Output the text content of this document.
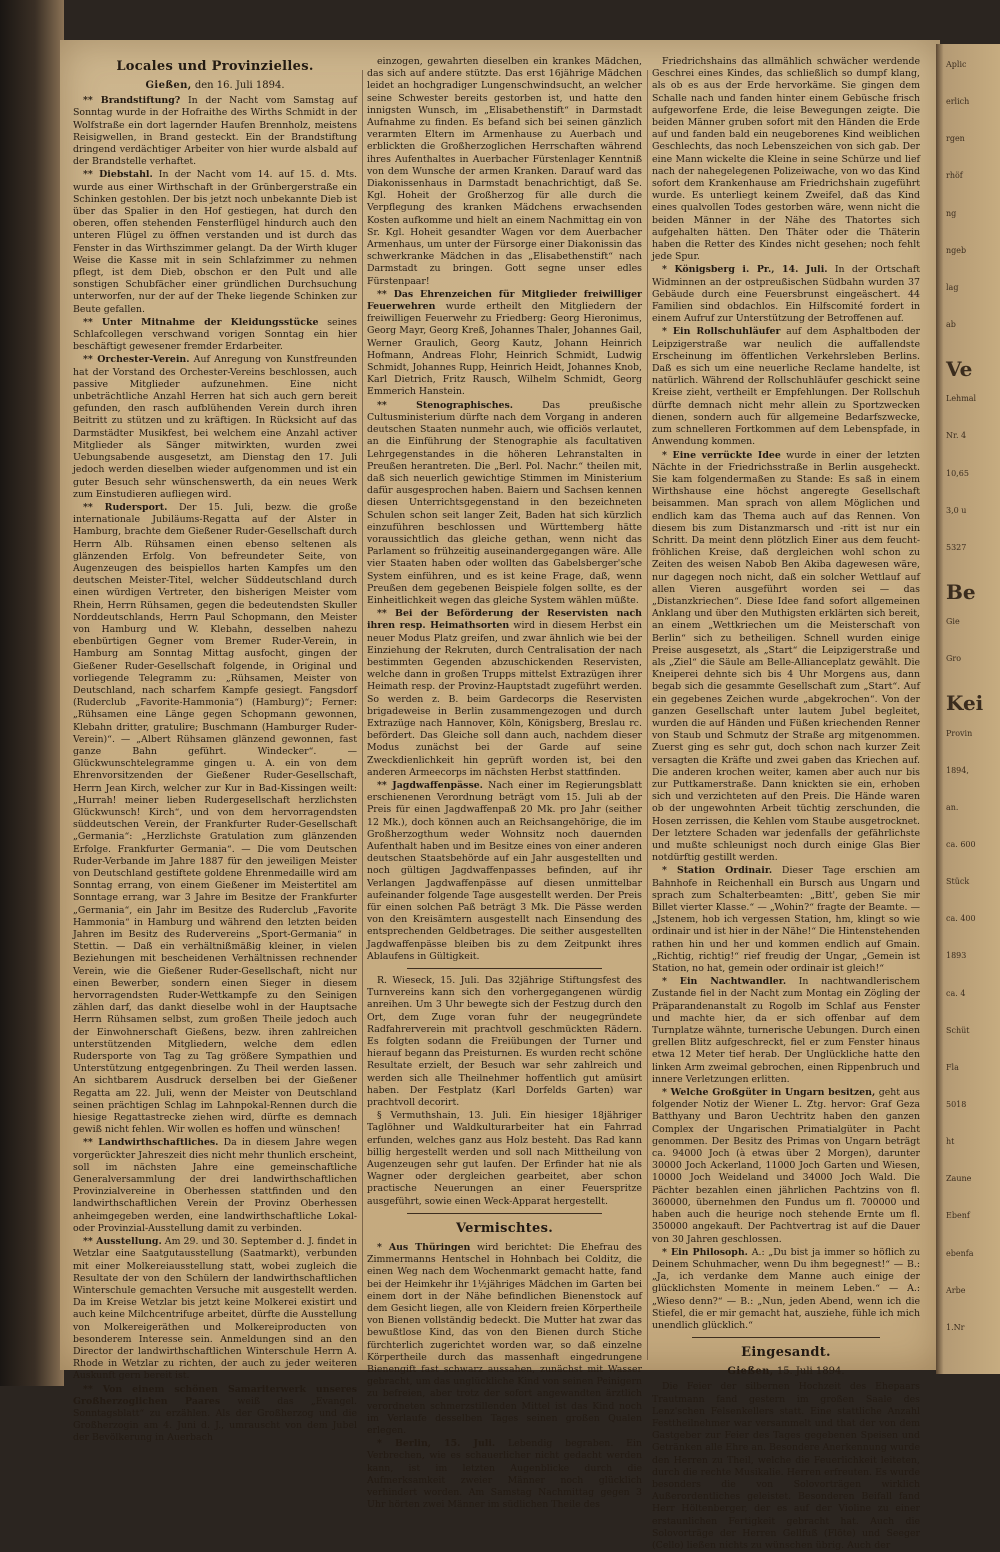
Locales und Provinzielles.

Gießen, den 16. Juli 1894.

** Brandstiftung? In der Nacht vom Samstag auf Sonntag wurde in der Hofraithe des Wirths Schmidt in der Wolfstraße ein dort lagernder Haufen Brennholz, meistens Reisigwellen, in Brand gesteckt. Ein der Brandstiftung dringend verdächtiger Arbeiter von hier wurde alsbald auf der Brandstelle verhaftet.

** Diebstahl. In der Nacht vom 14. auf 15. d. Mts. wurde aus einer Wirthschaft in der Grünbergerstraße ein Schinken gestohlen. Der bis jetzt noch unbekannte Dieb ist über das Spalier in den Hof gestiegen, hat durch den oberen, offen stehenden Fensterflügel hindurch auch den unteren Flügel zu öffnen verstanden und ist durch das Fenster in das Wirthszimmer gelangt. Da der Wirth kluger Weise die Kasse mit in sein Schlafzimmer zu nehmen pflegt, ist dem Dieb, obschon er den Pult und alle sonstigen Schubfächer einer gründlichen Durchsuchung unterworfen, nur der auf der Theke liegende Schinken zur Beute gefallen.

** Unter Mitnahme der Kleidungsstücke seines Schlafcollegen verschwand vorigen Sonntag ein hier beschäftigt gewesener fremder Erdarbeiter.

** Orchester-Verein. Auf Anregung von Kunstfreunden hat der Vorstand des Orchester-Vereins beschlossen, auch passive Mitglieder aufzunehmen. Eine nicht unbeträchtliche Anzahl Herren hat sich auch gern bereit gefunden, den rasch aufblühenden Verein durch ihren Beitritt zu stützen und zu kräftigen. In Rücksicht auf das Darmstädter Musikfest, bei welchem eine Anzahl activer Mitglieder als Sänger mitwirkten, wurden zwei Uebungsabende ausgesetzt, am Dienstag den 17. Juli jedoch werden dieselben wieder aufgenommen und ist ein guter Besuch sehr wünschenswerth, da ein neues Werk zum Einstudieren aufliegen wird.

** Rudersport. Der 15. Juli, bezw. die große internationale Jubiläums-Regatta auf der Alster in Hamburg, brachte dem Gießener Ruder-Gesellschaft durch Herrn Alb. Rühsamen einen ebenso seltenen als glänzenden Erfolg. Von befreundeter Seite, von Augenzeugen des beispiellos harten Kampfes um den deutschen Meister-Titel, welcher Süddeutschland durch einen würdigen Vertreter, den bisherigen Meister vom Rhein, Herrn Rühsamen, gegen die bedeutendsten Skuller Norddeutschlands, Herrn Paul Schopmann, den Meister von Hamburg und W. Klebahn, desselben nahezu ebenbürtigen Gegner vom Bremer Ruder-Verein, in Hamburg am Sonntag Mittag ausfocht, gingen der Gießener Ruder-Gesellschaft folgende, in Original und vorliegende Telegramm zu: „Rühsamen, Meister von Deutschland, nach scharfem Kampfe gesiegt. Fangsdorf (Ruderclub „Favorite-Hammonia“) (Hamburg)“; Ferner: „Rühsamen eine Länge gegen Schopmann gewonnen, Klebahn dritter, gratulire; Buschmann (Hamburger Ruder-Verein)“. — „Albert Rühsamen glänzend gewonnen, fast ganze Bahn geführt. Windecker“. — Glückwunschtelegramme gingen u. A. ein von dem Ehrenvorsitzenden der Gießener Ruder-Gesellschaft, Herrn Jean Kirch, welcher zur Kur in Bad-Kissingen weilt: „Hurrah! meiner lieben Rudergesellschaft herzlichsten Glückwunsch! Kirch“, und von dem hervorragendsten süddeutschen Verein, der Frankfurter Ruder-Gesellschaft „Germania“: „Herzlichste Gratulation zum glänzenden Erfolge. Frankfurter Germania“. — Die vom Deutschen Ruder-Verbande im Jahre 1887 für den jeweiligen Meister von Deutschland gestiftete goldene Ehrenmedaille wird am Sonntag errang, von einem Gießener im Meistertitel am Sonntage errang, war 3 Jahre im Besitze der Frankfurter „Germania“, ein Jahr im Besitze des Ruderclub „Favorite Hammonia“ in Hamburg und während den letzten beiden Jahren im Besitz des Rudervereins „Sport-Germania“ in Stettin. — Daß ein verhältnißmäßig kleiner, in vielen Beziehungen mit bescheidenen Verhältnissen rechnender Verein, wie die Gießener Ruder-Gesellschaft, nicht nur einen Bewerber, sondern einen Sieger in diesem hervorragendsten Ruder-Wettkampfe zu den Seinigen zählen darf, das dankt dieselbe wohl in der Hauptsache Herrn Rühsamen selbst, zum großen Theile jedoch auch der Einwohnerschaft Gießens, bezw. ihren zahlreichen unterstützenden Mitgliedern, welche dem edlen Rudersporte von Tag zu Tag größere Sympathien und Unterstützung entgegenbringen. Zu Theil werden lassen. An sichtbarem Ausdruck derselben bei der Gießener Regatta am 22. Juli, wenn der Meister von Deutschland seinen prächtigen Schlag im Lahnpokal-Rennen durch die hiesige Regattastrecke ziehen wird, dürfte es demnach gewiß nicht fehlen. Wir wollen es hoffen und wünschen!

** Landwirthschaftliches. Da in diesem Jahre wegen vorgerückter Jahreszeit dies nicht mehr thunlich erscheint, soll im nächsten Jahre eine gemeinschaftliche Generalversammlung der drei landwirthschaftlichen Provinzialvereine in Oberhessen stattfinden und den landwirthschaftlichen Verein der Provinz Oberhessen anheimgegeben werden, eine landwirthschaftliche Lokal- oder Provinzial-Ausstellung damit zu verbinden.

** Ausstellung. Am 29. und 30. September d. J. findet in Wetzlar eine Saatgutausstellung (Saatmarkt), verbunden mit einer Molkereiausstellung statt, wobei zugleich die Resultate der von den Schülern der landwirthschaftlichen Winterschule gemachten Versuche mit ausgestellt werden. Da im Kreise Wetzlar bis jetzt keine Molkerei existirt und auch keine Milchcentrifuge arbeitet, dürfte die Ausstellung von Molkereigeräthen und Molkereiproducten von besonderem Interesse sein. Anmeldungen sind an den Director der landwirthschaftlichen Winterschule Herrn A. Rhode in Wetzlar zu richten, der auch zu jeder weiteren Auskunft gern bereit ist.

** Von einem schönen Samariterwerk unseres Großherzoglichen Paares weiß das „Evangel. Sonntagsblatt“ zu erzählen. Als der Großherzog und die Großherzogin am 4. Juni d. J., umrauscht von dem Jubel der Bevölkerung in Auerbach

einzogen, gewahrten dieselben ein krankes Mädchen, das sich auf andere stützte. Das erst 16jährige Mädchen leidet an hochgradiger Lungenschwindsucht, an welcher seine Schwester bereits gestorben ist, und hatte den innigsten Wunsch, im „Elisabethenstift“ in Darmstadt Aufnahme zu finden. Es befand sich bei seinen gänzlich verarmten Eltern im Armenhause zu Auerbach und erblickten die Großherzoglichen Herrschaften während ihres Aufenthaltes in Auerbacher Fürstenlager Kenntniß von dem Wunsche der armen Kranken. Darauf ward das Diakonissenhaus in Darmstadt benachrichtigt, daß Se. Kgl. Hoheit der Großherzog für alle durch die Verpflegung des kranken Mädchens erwachsenden Kosten aufkomme und hielt an einem Nachmittag ein von Sr. Kgl. Hoheit gesandter Wagen vor dem Auerbacher Armenhaus, um unter der Fürsorge einer Diakonissin das schwerkranke Mädchen in das „Elisabethenstift“ nach Darmstadt zu bringen. Gott segne unser edles Fürstenpaar!

** Das Ehrenzeichen für Mitglieder freiwilliger Feuerwehren wurde ertheilt den Mitgliedern der freiwilligen Feuerwehr zu Friedberg: Georg Hieronimus, Georg Mayr, Georg Kreß, Johannes Thaler, Johannes Gail, Werner Graulich, Georg Kautz, Johann Heinrich Hofmann, Andreas Flohr, Heinrich Schmidt, Ludwig Schmidt, Johannes Rupp, Heinrich Heidt, Johannes Knob, Karl Dietrich, Fritz Rausch, Wilhelm Schmidt, Georg Emmerich Hanstein.

** Stenographisches. Das preußische Cultusministerium dürfte nach dem Vorgang in anderen deutschen Staaten nunmehr auch, wie officiös verlautet, an die Einführung der Stenographie als facultativen Lehrgegenstandes in die höheren Lehranstalten in Preußen herantreten. Die „Berl. Pol. Nachr.“ theilen mit, daß sich neuerlich gewichtige Stimmen im Ministerium dafür ausgesprochen haben. Baiern und Sachsen kennen diesen Unterrichtsgegenstand in den bezeichneten Schulen schon seit langer Zeit, Baden hat sich kürzlich einzuführen beschlossen und Württemberg hätte voraussichtlich das gleiche gethan, wenn nicht das Parlament so frühzeitig auseinandergegangen wäre. Alle vier Staaten haben oder wollten das Gabelsberger'sche System einführen, und es ist keine Frage, daß, wenn Preußen dem gegebenen Beispiele folgen sollte, es der Einheitlichkeit wegen das gleiche System wählen müßte.

** Bei der Beförderung der Reservisten nach ihren resp. Heimathsorten wird in diesem Herbst ein neuer Modus Platz greifen, und zwar ähnlich wie bei der Einziehung der Rekruten, durch Centralisation der nach bestimmten Gegenden abzuschickenden Reservisten, welche dann in großen Trupps mittelst Extrazügen ihrer Heimath resp. der Provinz-Hauptstadt zugeführt werden. So werden z. B. beim Gardecorps die Reservisten brigadeweise in Berlin zusammengezogen und durch Extrazüge nach Hannover, Köln, Königsberg, Breslau rc. befördert. Das Gleiche soll dann auch, nachdem dieser Modus zunächst bei der Garde auf seine Zweckdienlichkeit hin geprüft worden ist, bei den anderen Armeecorps im nächsten Herbst stattfinden.

** Jagdwaffenpässe. Nach einer im Regierungsblatt erschienenen Verordnung beträgt vom 15. Juli ab der Preis für einen Jagdwaffenpaß 20 Mk. pro Jahr (seither 12 Mk.), doch können auch an Reichsangehörige, die im Großherzogthum weder Wohnsitz noch dauernden Aufenthalt haben und im Besitze eines von einer anderen deutschen Staatsbehörde auf ein Jahr ausgestellten und noch gültigen Jagdwaffenpasses befinden, auf ihr Verlangen Jagdwaffenpässe auf diesen unmittelbar aufeinander folgende Tage ausgestellt werden. Der Preis für einen solchen Paß beträgt 3 Mk. Die Pässe werden von den Kreisämtern ausgestellt nach Einsendung des entsprechenden Geldbetrages. Die seither ausgestellten Jagdwaffenpässe bleiben bis zu dem Zeitpunkt ihres Ablaufens in Gültigkeit.

R. Wieseck, 15. Juli. Das 32jährige Stiftungsfest des Turnvereins kann sich den vorhergegangenen würdig anreihen. Um 3 Uhr bewegte sich der Festzug durch den Ort, dem Zuge voran fuhr der neugegründete Radfahrerverein mit prachtvoll geschmückten Rädern. Es folgten sodann die Freiübungen der Turner und hierauf begann das Preisturnen. Es wurden recht schöne Resultate erzielt, der Besuch war sehr zahlreich und werden sich alle Theilnehmer hoffentlich gut amüsirt haben. Der Festplatz (Karl Dorfelds Garten) war prachtvoll decorirt.

§ Vermuthshain, 13. Juli. Ein hiesiger 18jähriger Taglöhner und Waldkulturarbeiter hat ein Fahrrad erfunden, welches ganz aus Holz besteht. Das Rad kann billig hergestellt werden und soll nach Mittheilung von Augenzeugen sehr gut laufen. Der Erfinder hat nie als Wagner oder dergleichen gearbeitet, aber schon practische Neuerungen an einer Feuerspritze ausgeführt, sowie einen Weck-Apparat hergestellt.

Vermischtes.

* Aus Thüringen wird berichtet: Die Ehefrau des Zimmermanns Hentschel in Hohnbach bei Colditz, die einen Weg nach dem Wochenmarkt gemacht hatte, fand bei der Heimkehr ihr 1½jähriges Mädchen im Garten bei einem dort in der Nähe befindlichen Bienenstock auf dem Gesicht liegen, alle von Kleidern freien Körpertheile von Bienen vollständig bedeckt. Die Mutter hat zwar das bewußtlose Kind, das von den Bienen durch Stiche fürchterlich zugerichtet worden war, so daß einzelne Körpertheile durch das massenhaft eingedrungene Bienengift fast schwarz aussahen, zunächst mit Wasser gebracht, um das unglückliche Kind von seinen Peinigern zu befreien, aber trotz der sofort angewandten ärztlich verordneten schmerzstillenden Mittel ist das Kind noch im Verlaufe desselben Tages seinen großen Qualen erlegen.

* Berlin, 15. Juli. Lebendig begraben. Ein Verbrechen, wie es schauerlicher nicht gedacht werden kann, ist im letzten Augenblicke durch die Aufmerksamkeit zweier Männer noch glücklich verhindert worden. Am Samstag Nachmittag gegen 3 Uhr hörten zwei Männer im südlichen Theile des

Friedrichshains das allmählich schwächer werdende Geschrei eines Kindes, das schließlich so dumpf klang, als ob es aus der Erde hervorkäme. Sie gingen dem Schalle nach und fanden hinter einem Gebüsche frisch aufgeworfene Erde, die leise Bewegungen zeigte. Die beiden Männer gruben sofort mit den Händen die Erde auf und fanden bald ein neugeborenes Kind weiblichen Geschlechts, das noch Lebenszeichen von sich gab. Der eine Mann wickelte die Kleine in seine Schürze und lief nach der nahegelegenen Polizeiwache, von wo das Kind sofort dem Krankenhause am Friedrichshain zugeführt wurde. Es unterliegt keinem Zweifel, daß das Kind eines qualvollen Todes gestorben wäre, wenn nicht die beiden Männer in der Nähe des Thatortes sich aufgehalten hätten. Den Thäter oder die Thäterin haben die Retter des Kindes nicht gesehen; noch fehlt jede Spur.

* Königsberg i. Pr., 14. Juli. In der Ortschaft Widminnen an der ostpreußischen Südbahn wurden 37 Gebäude durch eine Feuersbrunst eingeäschert. 44 Familien sind obdachlos. Ein Hilfscomité fordert in einem Aufruf zur Unterstützung der Betroffenen auf.

* Ein Rollschuhläufer auf dem Asphaltboden der Leipzigerstraße war neulich die auffallendste Erscheinung im öffentlichen Verkehrsleben Berlins. Daß es sich um eine neuerliche Reclame handelte, ist natürlich. Während der Rollschuhläufer geschickt seine Kreise zieht, vertheilt er Empfehlungen. Der Rollschuh dürfte demnach nicht mehr allein zu Sportzwecken dienen, sondern auch für allgemeine Bedarfszwecke, zum schnelleren Fortkommen auf dem Lebenspfade, in Anwendung kommen.

* Eine verrückte Idee wurde in einer der letzten Nächte in der Friedrichsstraße in Berlin ausgeheckt. Sie kam folgendermaßen zu Stande: Es saß in einem Wirthshause eine höchst angeregte Gesellschaft beisammen. Man sprach von allem Möglichen und endlich kam das Thema auch auf das Rennen. Von diesem bis zum Distanzmarsch und -ritt ist nur ein Schritt. Da meint denn plötzlich Einer aus dem feucht-fröhlichen Kreise, daß dergleichen wohl schon zu Zeiten des weisen Nabob Ben Akiba dagewesen wäre, nur dagegen noch nicht, daß ein solcher Wettlauf auf allen Vieren ausgeführt worden sei — das „Distanzkriechen“. Diese Idee fand sofort allgemeinen Anklang und über den Muthigsten erklärten sich bereit, an einem „Wettkriechen um die Meisterschaft von Berlin“ sich zu betheiligen. Schnell wurden einige Preise ausgesetzt, als „Start“ die Leipzigerstraße und als „Ziel“ die Säule am Belle-Allianceplatz gewählt. Die Kneiperei dehnte sich bis 4 Uhr Morgens aus, dann begab sich die gesammte Gesellschaft zum „Start“. Auf ein gegebenes Zeichen wurde „abgekrochen“. Von der ganzen Gesellschaft unter lautem Jubel begleitet, wurden die auf Händen und Füßen kriechenden Renner von Staub und Schmutz der Straße arg mitgenommen. Zuerst ging es sehr gut, doch schon nach kurzer Zeit versagten die Kräfte und zwei gaben das Kriechen auf. Die anderen krochen weiter, kamen aber auch nur bis zur Puttkamerstraße. Dann knickten sie ein, erhoben sich und verzichteten auf den Preis. Die Hände waren ob der ungewohnten Arbeit tüchtig zerschunden, die Hosen zerrissen, die Kehlen vom Staube ausgetrocknet. Der letztere Schaden war jedenfalls der gefährlichste und mußte schleunigst noch durch einige Glas Bier notdürftig gestillt werden.

* Station Ordinair. Dieser Tage erschien am Bahnhofe in Reichenhall ein Bursch aus Ungarn und sprach zum Schalterbeamten: „Bitt', geben Sie mir Billet vierter Klasse.“ — „Wohin?“ fragte der Beamte. — „Jstenem, hob ich vergessen Station, hm, klingt so wie ordinair und ist hier in der Nähe!“ Die Hintenstehenden rathen hin und her und kommen endlich auf Gmain. „Richtig, richtig!“ rief freudig der Ungar, „Gemein ist Station, no hat, gemein oder ordinair ist gleich!“

* Ein Nachtwandler. In nachtwandlerischem Zustande fiel in der Nacht zum Montag ein Zögling der Präparandenanstalt zu Rogolb im Schlaf aus Fenster und machte hier, da er sich offenbar auf dem Turnplatze wähnte, turnerische Uebungen. Durch einen grellen Blitz aufgeschreckt, fiel er zum Fenster hinaus etwa 12 Meter tief herab. Der Unglückliche hatte den linken Arm zweimal gebrochen, einen Rippenbruch und innere Verletzungen erlitten.

* Welche Großgüter in Ungarn besitzen, geht aus folgender Notiz der Wiener L. Ztg. hervor: Graf Geza Batthyany und Baron Uechtritz haben den ganzen Complex der Ungarischen Primatialgüter in Pacht genommen. Der Besitz des Primas von Ungarn beträgt ca. 94000 Joch (à etwas über 2 Morgen), darunter 30000 Joch Ackerland, 11000 Joch Garten und Wiesen, 10000 Joch Weideland und 34000 Joch Wald. Die Pächter bezahlen einen jährlichen Pachtzins von fl. 360000, übernehmen den Fundus um fl. 700000 und haben auch die heurige noch stehende Ernte um fl. 350000 angekauft. Der Pachtvertrag ist auf die Dauer von 30 Jahren geschlossen.

* Ein Philosoph. A.: „Du bist ja immer so höflich zu Deinem Schuhmacher, wenn Du ihm begegnest!“ — B.: „Ja, ich verdanke dem Manne auch einige der glücklichsten Momente in meinem Leben.“ — A.: „Wieso denn?“ — B.: „Nun, jeden Abend, wenn ich die Stiefel, die er mir gemacht hat, ausziehe, fühle ich mich unendlich glücklich.“

Eingesandt.

Gießen, 15. Juli 1894.

Die Feier der silbernen Hochzeit des Ehepaars Trautmann fand gestern im großen Saale des Lenz'schen Felsenkellers statt. Eine stattliche Anzahl Festtheilnehmer war versammelt und that der von dem Gastgeber zur Feier des Tages gegebenen Speisen und Getränken alle Ehre an. Besondere Anerkennung wurde den Herren zu Theil, welche die Feuerlichkeit leiteten, durch die rechte Musikalie. Herren erfreuten. Es wurde besonders die von Solovorträgen wirklich Außerordentliches geleistet. Besonderen Beifall fand Herr Höltenberger, der es auf der Violine zu einer erstaunlichen Fertigkeit gebracht hat. Auch die Solovorträge der Herren Gellfuß (Flöte) und Seeger (Cello) ließen nichts zu wünschen übrig. Auch der

Aplic
erlich
rgen
rhöf
ng
ngeb
lag
ab
Ve
Lehmal
Nr. 4
10,65
3,0 u
5327
Be
Gie
Gro
Kei
Provin
1894,
an.
ca. 600
Stück
ca. 400
1893
ca. 4
Schüt
Fla
5018
ht
Zaune
Ebenf
ebenfa
Arbe
1.Nr
